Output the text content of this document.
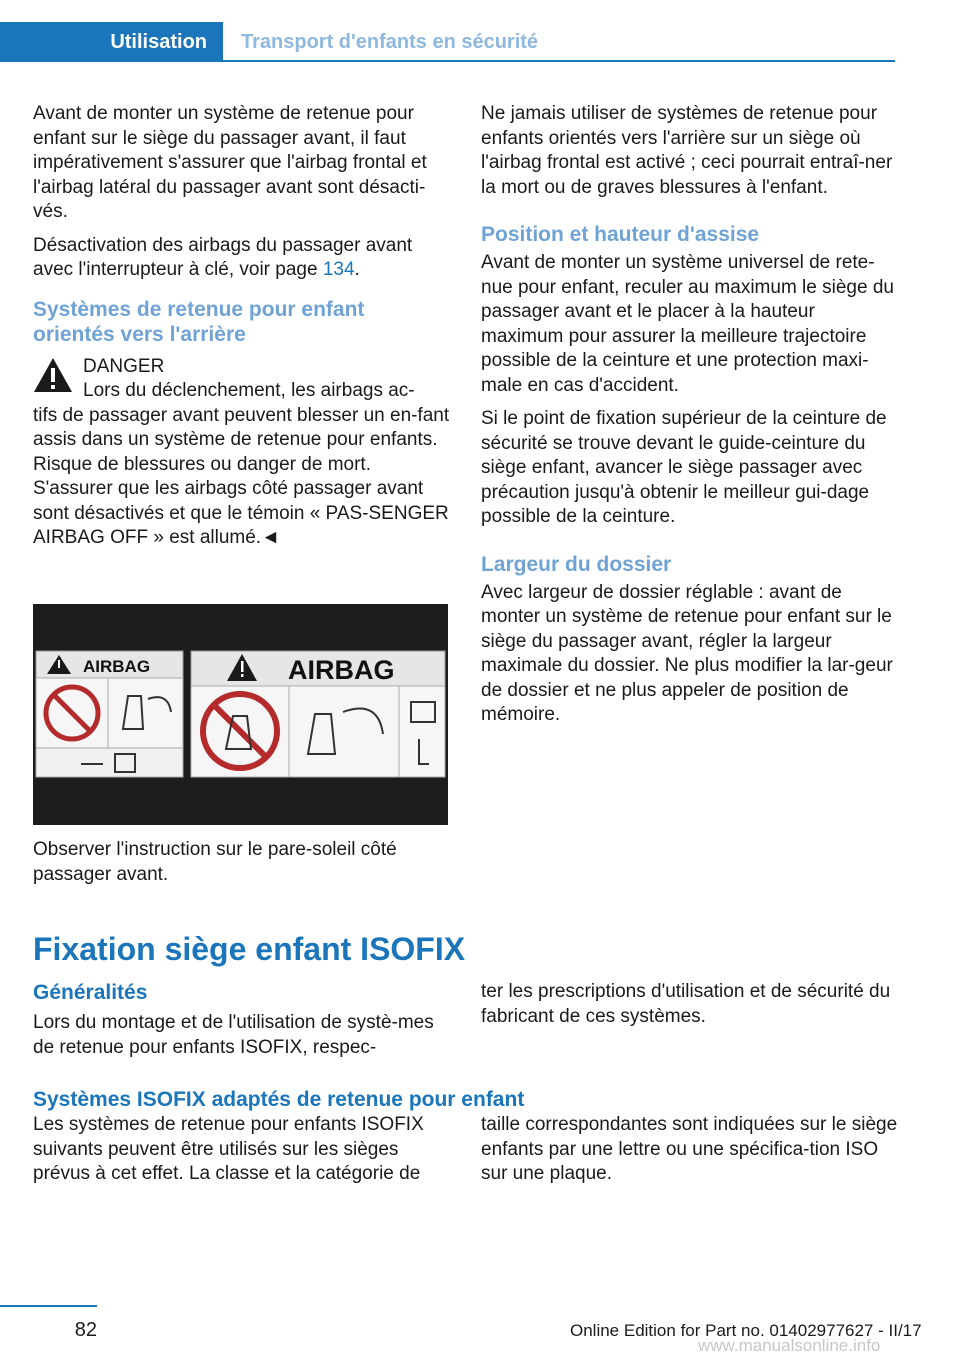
Utilisation	Transport d'enfants en sécurité

Avant de monter un système de retenue pour enfant sur le siège du passager avant, il faut impérativement s'assurer que l'airbag frontal et l'airbag latéral du passager avant sont désacti‐vés.

Désactivation des airbags du passager avant avec l'interrupteur à clé, voir page 134.

Systèmes de retenue pour enfant orientés vers l'arrière
DANGER
Lors du déclenchement, les airbags ac‐
tifs de passager avant peuvent blesser un en‐fant assis dans un système de retenue pour enfants. Risque de blessures ou danger de mort. S'assurer que les airbags côté passager avant sont désactivés et que le témoin « PAS‐SENGER AIRBAG OFF » est allumé.◄
AIRBAG	AIRBAG

Observer l'instruction sur le pare-soleil côté passager avant.

Ne jamais utiliser de systèmes de retenue pour enfants orientés vers l'arrière sur un siège où l'airbag frontal est activé ; ceci pourrait entraî‐ner la mort ou de graves blessures à l'enfant.

Position et hauteur d'assise

Avant de monter un système universel de rete‐nue pour enfant, reculer au maximum le siège du passager avant et le placer à la hauteur maximum pour assurer la meilleure trajectoire possible de la ceinture et une protection maxi‐male en cas d'accident.

Si le point de fixation supérieur de la ceinture de sécurité se trouve devant le guide-ceinture du siège enfant, avancer le siège passager avec précaution jusqu'à obtenir le meilleur gui‐dage possible de la ceinture.

Largeur du dossier

Avec largeur de dossier réglable : avant de monter un système de retenue pour enfant sur le siège du passager avant, régler la largeur maximale du dossier. Ne plus modifier la lar‐geur de dossier et ne plus appeler de position de mémoire.

Fixation siège enfant ISOFIX
Généralités

Lors du montage et de l'utilisation de systè‐mes de retenue pour enfants ISOFIX, respec‐

ter les prescriptions d'utilisation et de sécurité du fabricant de ces systèmes.

Systèmes ISOFIX adaptés de retenue pour enfant

Les systèmes de retenue pour enfants ISOFIX suivants peuvent être utilisés sur les sièges prévus à cet effet. La classe et la catégorie de

taille correspondantes sont indiquées sur le siège enfants par une lettre ou une spécifica‐tion ISO sur une plaque.

82	Online Edition for Part no. 01402977627 - II/17
www.manualsonline.info
